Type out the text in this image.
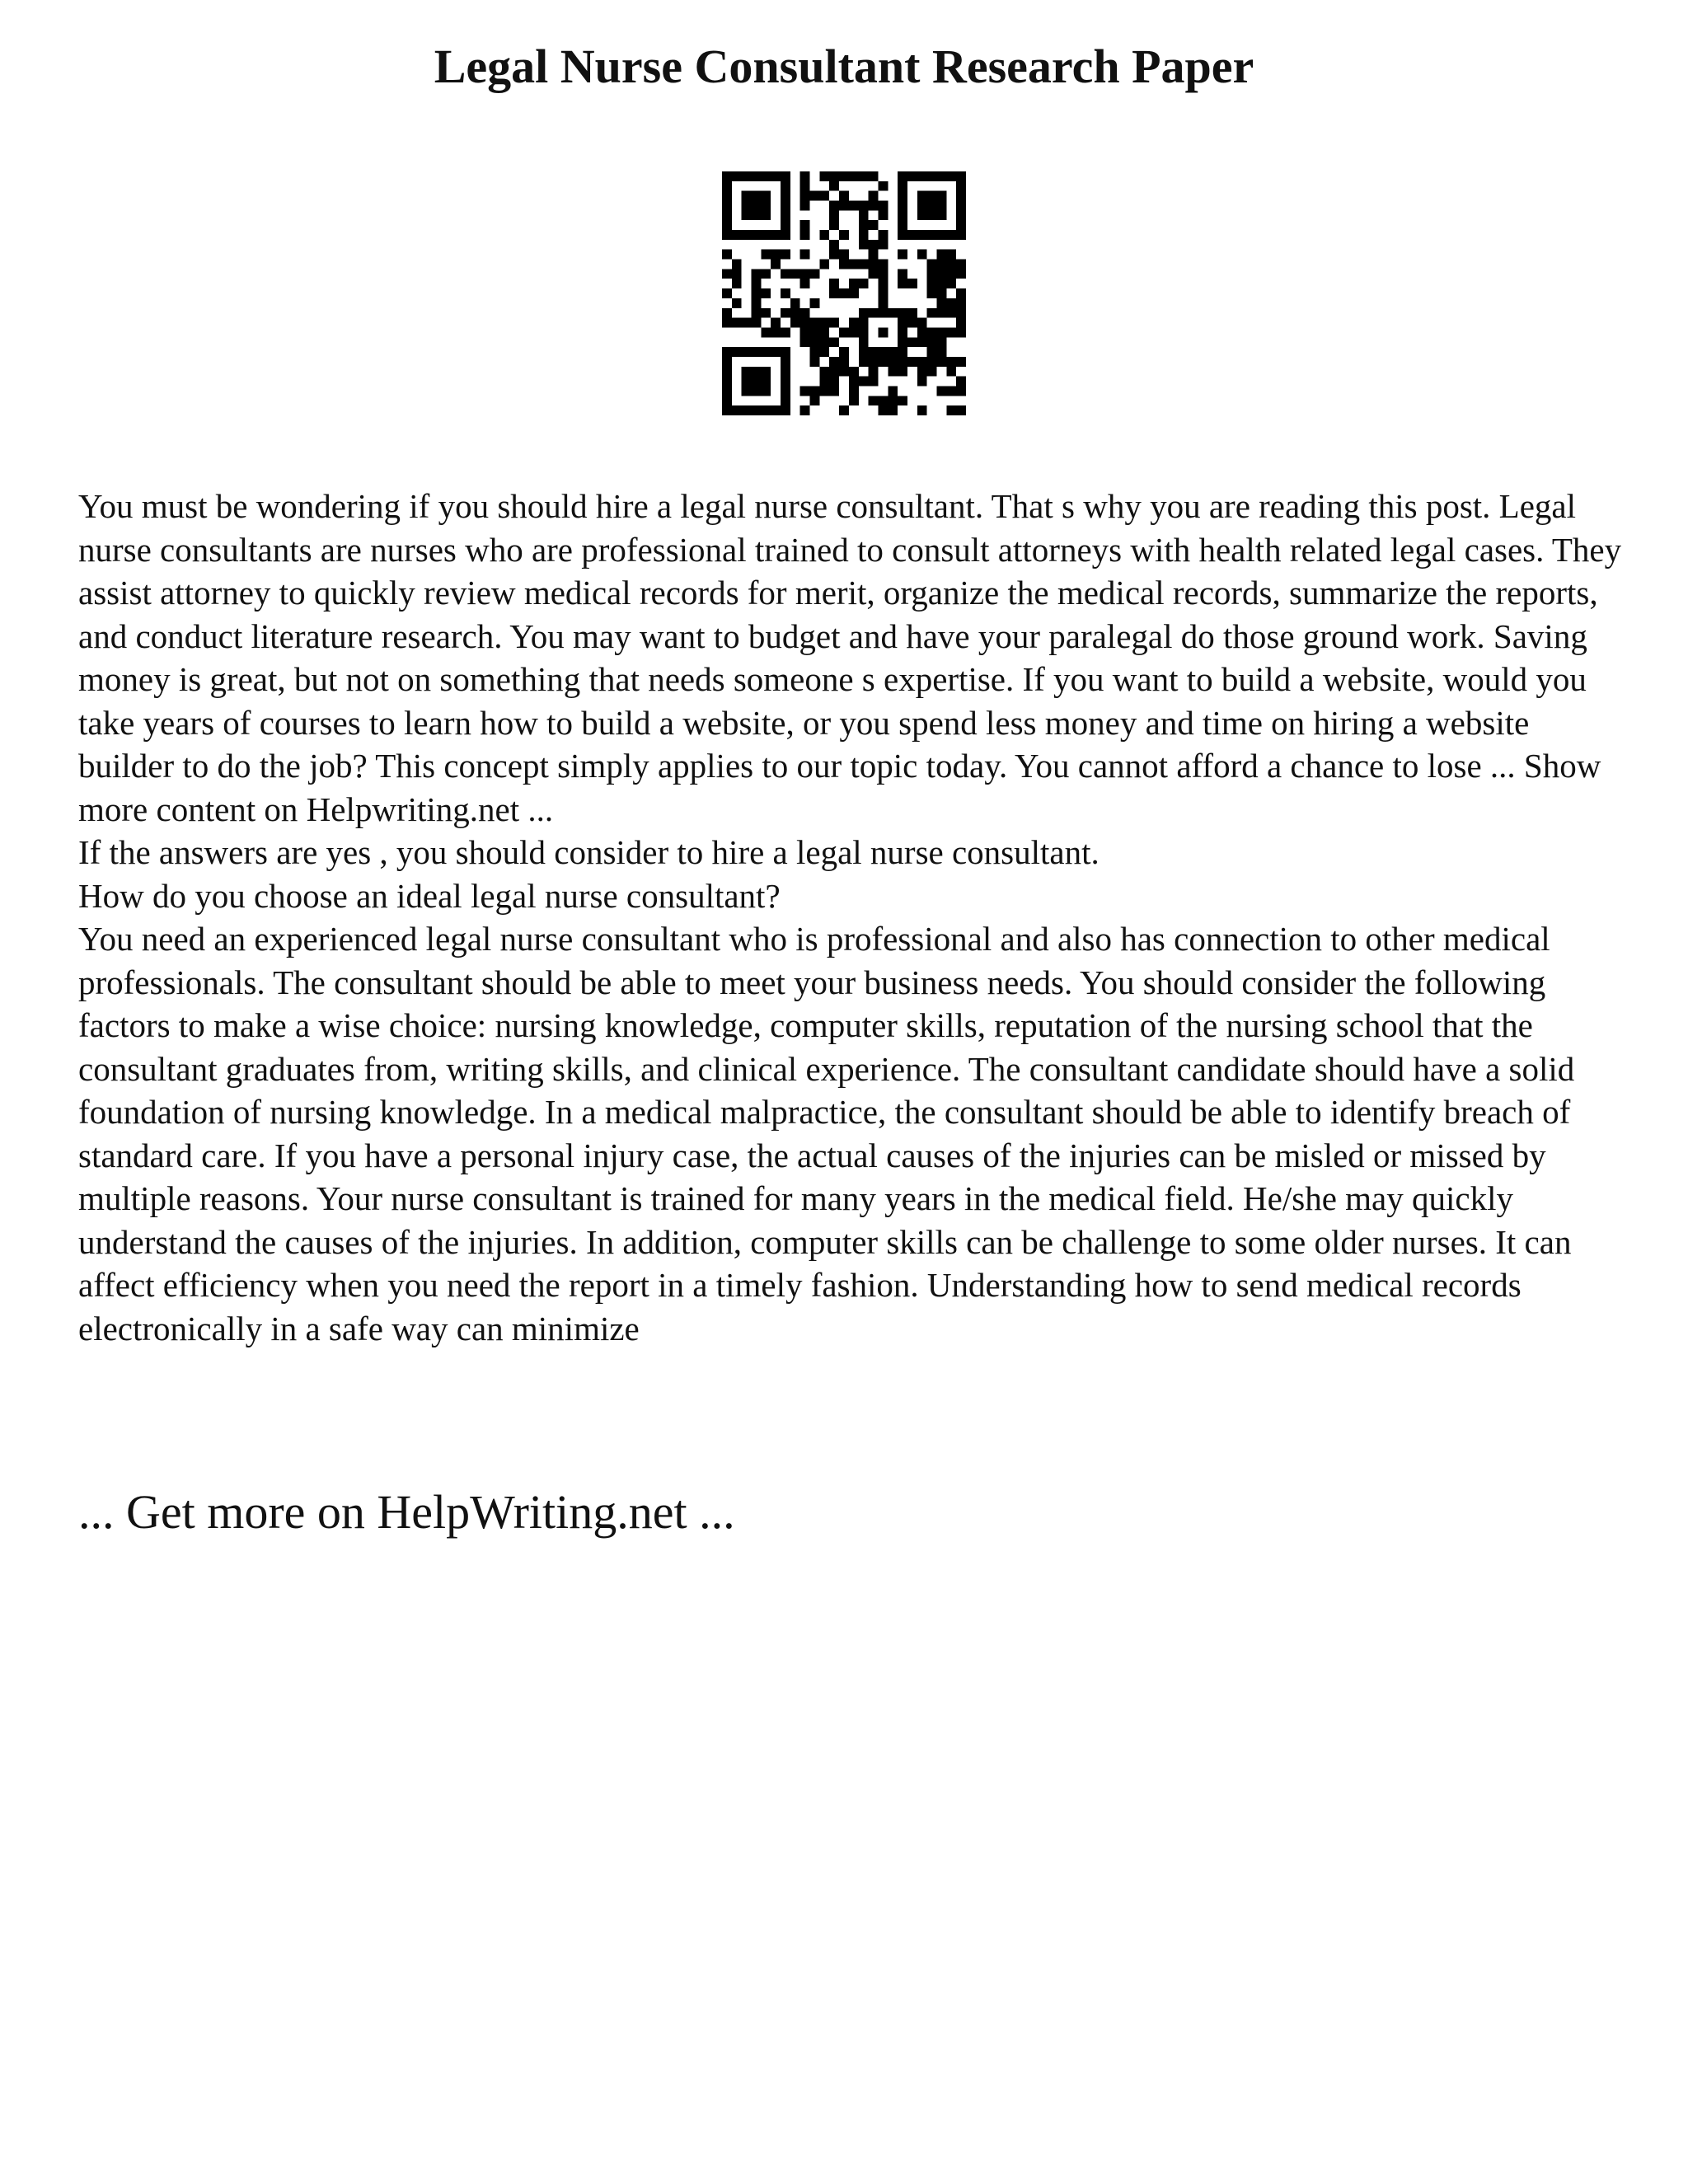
Legal Nurse Consultant Research Paper

You must be wondering if you should hire a legal nurse consultant. That s why you are reading this post. Legal nurse consultants are nurses who are professional trained to consult attorneys with health related legal cases. They assist attorney to quickly review medical records for merit, organize the medical records, summarize the reports, and conduct literature research. You may want to budget and have your paralegal do those ground work. Saving money is great, but not on something that needs someone s expertise. If you want to build a website, would you take years of courses to learn how to build a website, or you spend less money and time on hiring a website builder to do the job? This concept simply applies to our topic today. You cannot afford a chance to lose ... Show more content on Helpwriting.net ...

If the answers are yes , you should consider to hire a legal nurse consultant.

How do you choose an ideal legal nurse consultant?

You need an experienced legal nurse consultant who is professional and also has connection to other medical professionals. The consultant should be able to meet your business needs. You should consider the following factors to make a wise choice: nursing knowledge, computer skills, reputation of the nursing school that the consultant graduates from, writing skills, and clinical experience. The consultant candidate should have a solid foundation of nursing knowledge. In a medical malpractice, the consultant should be able to identify breach of standard care. If you have a personal injury case, the actual causes of the injuries can be misled or missed by multiple reasons. Your nurse consultant is trained for many years in the medical field. He/she may quickly understand the causes of the injuries. In addition, computer skills can be challenge to some older nurses. It can affect efficiency when you need the report in a timely fashion. Understanding how to send medical records electronically in a safe way can minimize

... Get more on HelpWriting.net ...
